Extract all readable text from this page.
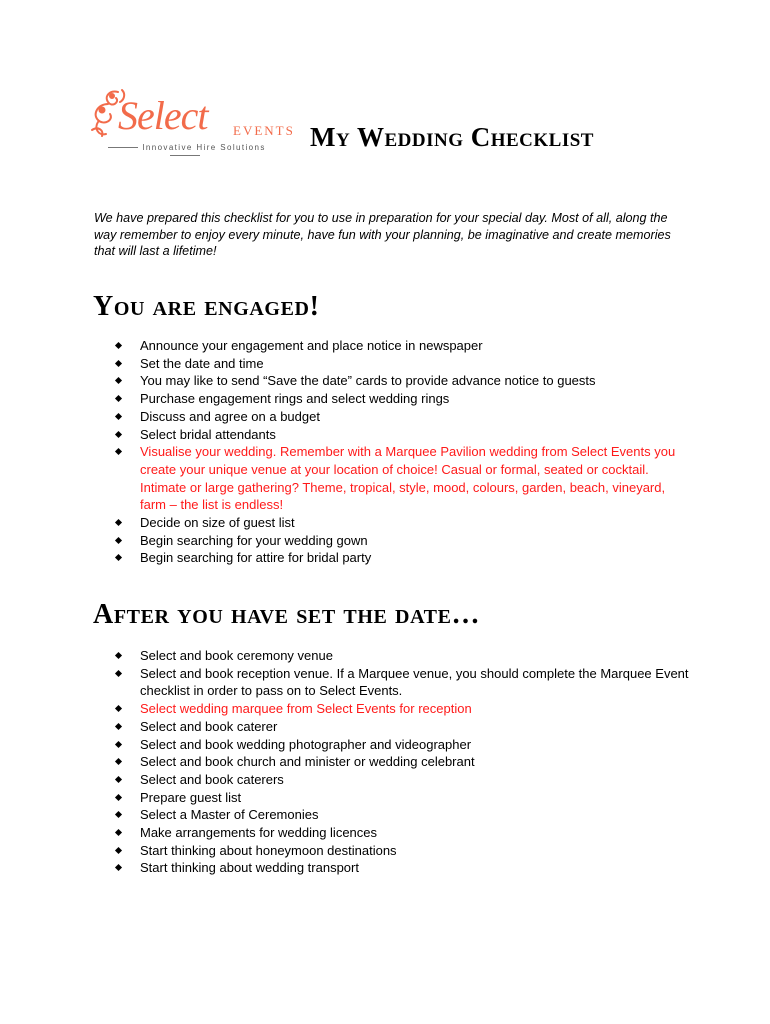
Select EVENTS
Innovative Hire Solutions	My Wedding Checklist

We have prepared this checklist for you to use in preparation for your special day. Most of all, along the way remember to enjoy every minute, have fun with your planning, be imaginative and create memories that will last a lifetime!

You are engaged!
Announce your engagement and place notice in newspaper
Set the date and time
You may like to send “Save the date” cards to provide advance notice to guests
Purchase engagement rings and select wedding rings
Discuss and agree on a budget
Select bridal attendants
Visualise your wedding. Remember with a Marquee Pavilion wedding from Select Events you create your unique venue at your location of choice! Casual or formal, seated or cocktail. Intimate or large gathering? Theme, tropical, style, mood, colours, garden, beach, vineyard, farm – the list is endless!
Decide on size of guest list
Begin searching for your wedding gown
Begin searching for attire for bridal party
After you have set the date…
Select and book ceremony venue
Select and book reception venue. If a Marquee venue, you should complete the Marquee Event checklist in order to pass on to Select Events.
Select wedding marquee from Select Events for reception
Select and book caterer
Select and book wedding photographer and videographer
Select and book church and minister or wedding celebrant
Select and book caterers
Prepare guest list
Select a Master of Ceremonies
Make arrangements for wedding licences
Start thinking about honeymoon destinations
Start thinking about wedding transport
